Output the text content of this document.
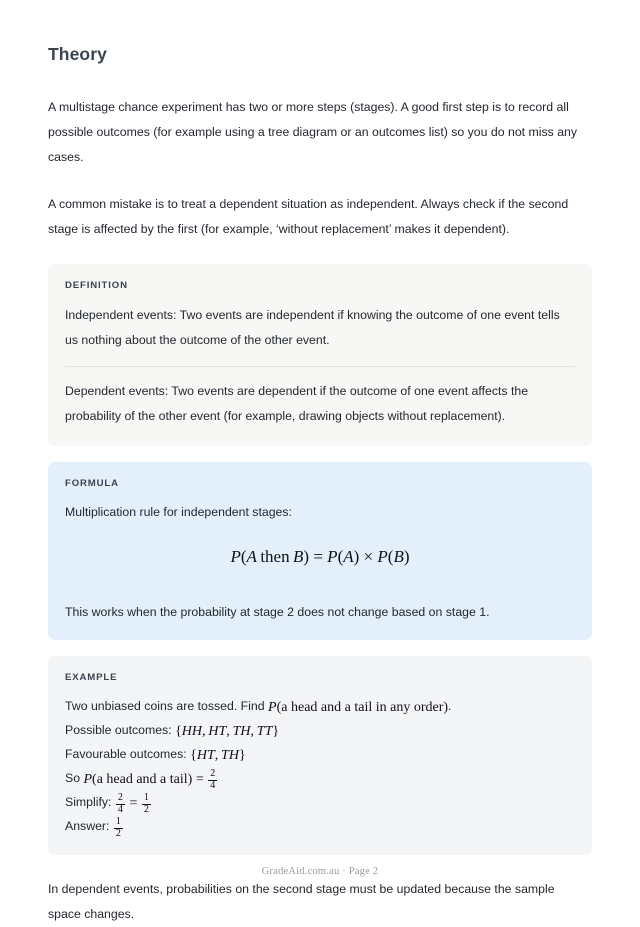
Theory

A multistage chance experiment has two or more steps (stages). A good first step is to record all possible outcomes (for example using a tree diagram or an outcomes list) so you do not miss any cases.

A common mistake is to treat a dependent situation as independent. Always check if the second stage is affected by the first (for example, ‘without replacement’ makes it dependent).

DEFINITION

Independent events: Two events are independent if knowing the outcome of one event tells us nothing about the outcome of the other event.

Dependent events: Two events are dependent if the outcome of one event affects the probability of the other event (for example, drawing objects without replacement).

FORMULA

Multiplication rule for independent stages:

P(A  then  B) = P(A) × P(B)

This works when the probability at stage 2 does not change based on stage 1.

EXAMPLE

Two unbiased coins are tossed. Find P(a head and a tail in any order).

Possible outcomes: {HH, HT, TH, TT}

Favourable outcomes: {HT, TH}

So P(a head and a tail) = $\frac{2}{4}$

Simplify: $\frac{2}{4} = \frac{1}{2}$

Answer: $\frac{1}{2}$

In dependent events, probabilities on the second stage must be updated because the sample space changes.

GradeAid.com.au · Page 2
